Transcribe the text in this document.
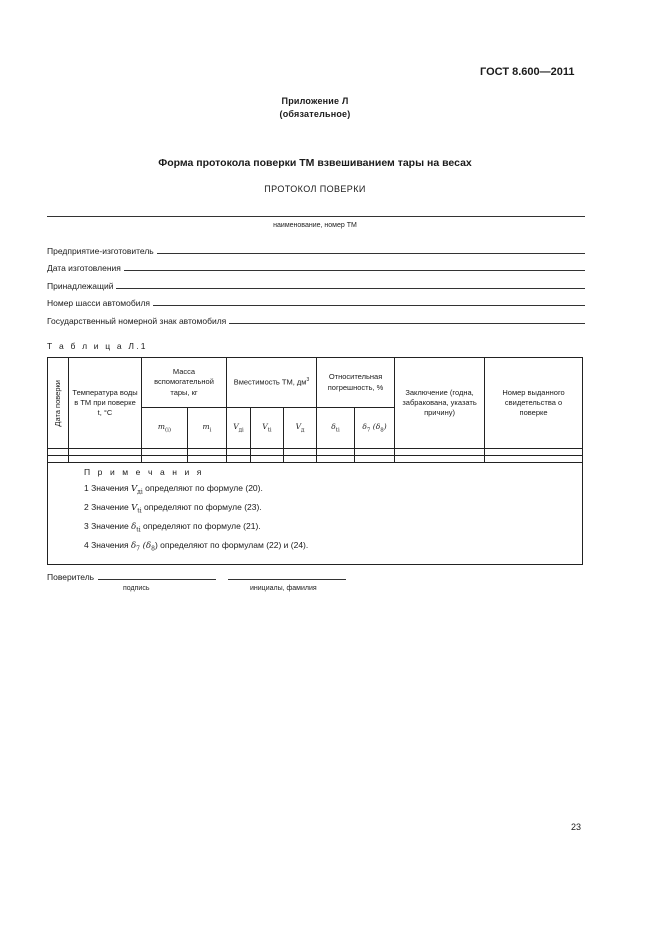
ГОСТ 8.600—2011
Приложение Л
(обязательное)
Форма протокола поверки ТМ взвешиванием тары на весах
ПРОТОКОЛ ПОВЕРКИ
наименование, номер ТМ
Предприятие-изготовитель
Дата изготовления
Принадлежащий
Номер шасси автомобиля
Государственный номерной знак автомобиля
Т а б л и ц а Л.1
Дата поверки	Температура воды в ТМ при поверке t, °С	Масса вспомогательной тары, кг		Вместимость ТМ, $дм^3$			Относительная погрешность, %		Заключение (годна, забракована, указать причину)	Номер выданного свидетельства о поверке
		$m_{(i)}$	$m_i$	$V_{дi}$	$V_{ti}$	$V_д$	$\delta_{ti}$	$\delta_7$ $(\delta_8)$		

П р и м е ч а н и я
1 Значения $V_{дi}$ определяют по формуле (20).
2 Значение $V_{ti}$ определяют по формуле (23).
3 Значение $\delta_{ti}$ определяют по формуле (21).
4 Значения $\delta_7$ $(\delta_8)$ определяют по формулам (22) и (24).										
Поверитель
подпись	инициалы, фамилия
23
